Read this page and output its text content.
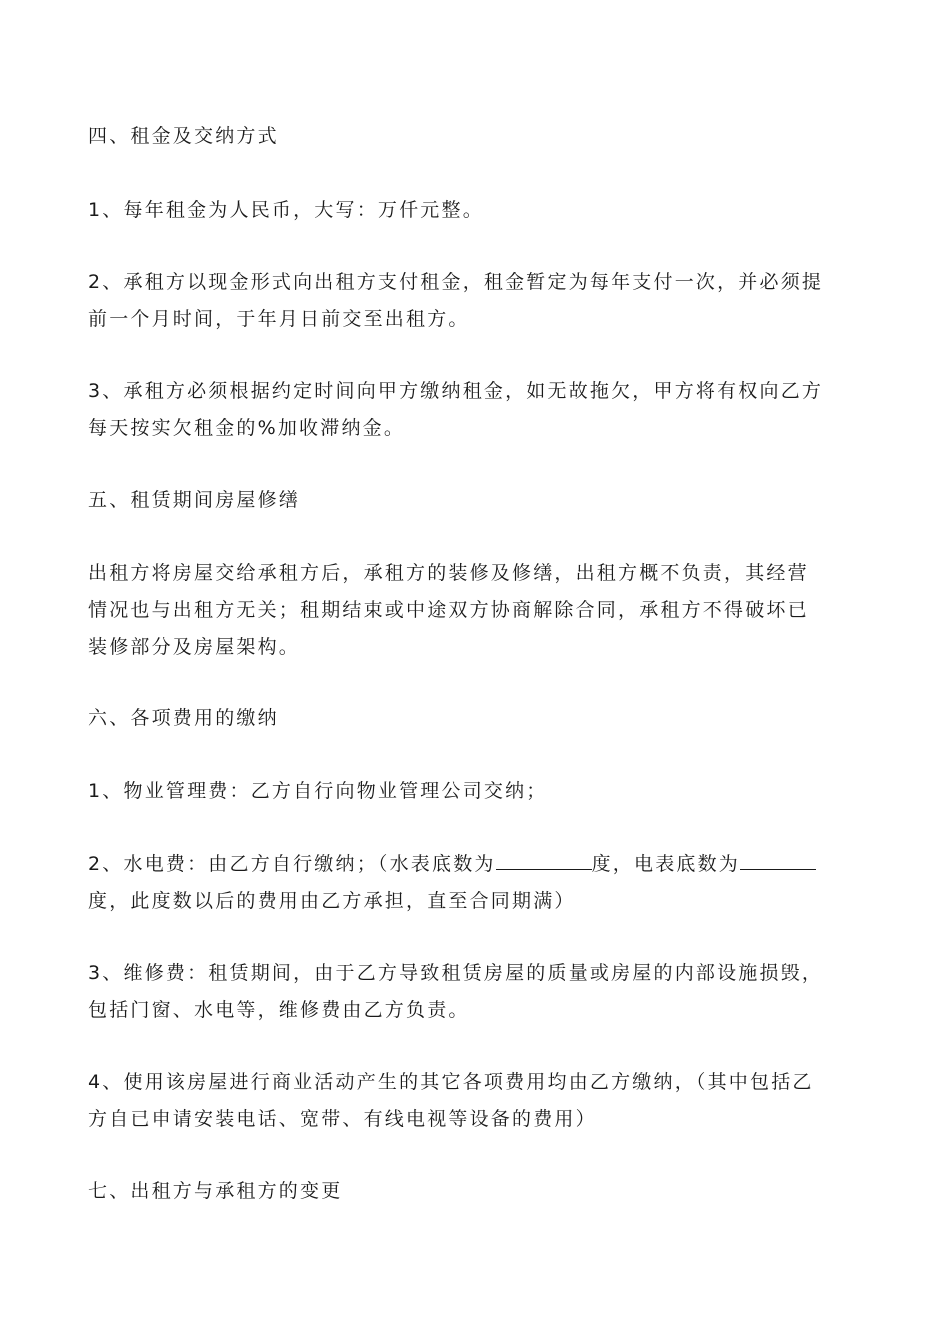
四、租金及交纳方式

1、每年租金为人民币，大写：万仟元整。

2、承租方以现金形式向出租方支付租金，租金暂定为每年支付一次，并必须提
前一个月时间，于年月日前交至出租方。

3、承租方必须根据约定时间向甲方缴纳租金，如无故拖欠，甲方将有权向乙方
每天按实欠租金的%加收滞纳金。

五、租赁期间房屋修缮

出租方将房屋交给承租方后，承租方的装修及修缮，出租方概不负责，其经营
情况也与出租方无关；租期结束或中途双方协商解除合同，承租方不得破坏已
装修部分及房屋架构。

六、各项费用的缴纳

1、物业管理费：乙方自行向物业管理公司交纳；

2、水电费：由乙方自行缴纳；（水表底数为	度，电表底数为
度，此度数以后的费用由乙方承担，直至合同期满）

3、维修费：租赁期间，由于乙方导致租赁房屋的质量或房屋的内部设施损毁，
包括门窗、水电等，维修费由乙方负责。

4、使用该房屋进行商业活动产生的其它各项费用均由乙方缴纳，（其中包括乙
方自已申请安装电话、宽带、有线电视等设备的费用）

七、出租方与承租方的变更
